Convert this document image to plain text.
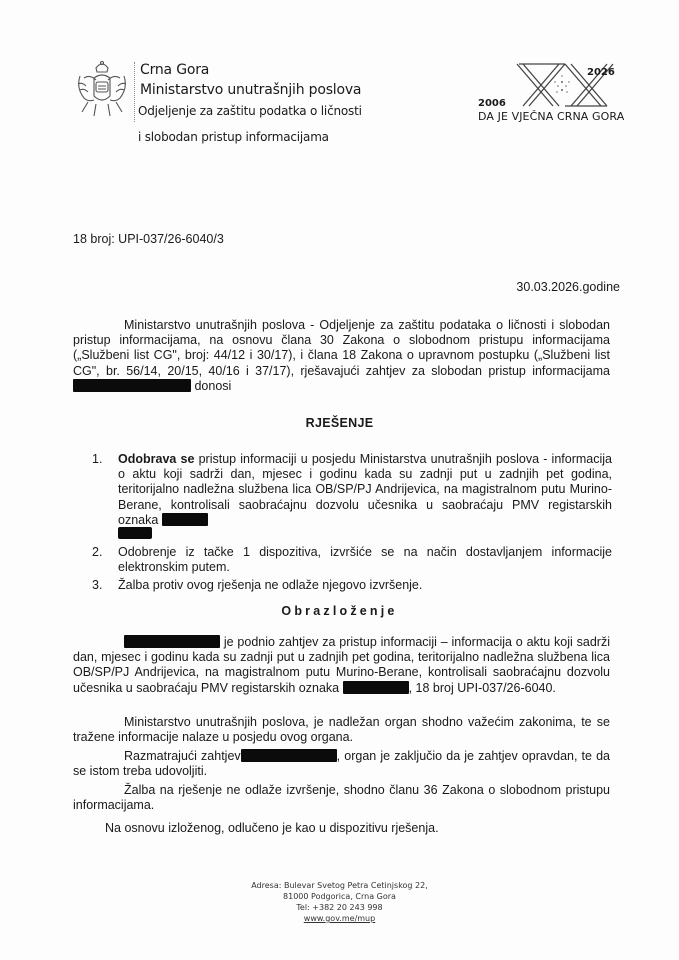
Crna Gora
Ministarstvo unutrašnjih poslova
Odjeljenje za zaštitu podatka o ličnosti
i slobodan pristup informacijama
2026
2006
DA JE VJEČNA CRNA GORA
18 broj: UPI-037/26-6040/3
30.03.2026.godine
Ministarstvo unutrašnjih poslova - Odjeljenje za zaštitu podataka o ličnosti i slobodan pristup informacijama, na osnovu člana 30 Zakona o slobodnom pristupu informacijama („Službeni list CG", broj: 44/12 i 30/17), i člana 18 Zakona o upravnom postupku („Službeni list CG", br. 56/14, 20/15, 40/16 i 37/17), rješavajući zahtjev za slobodan pristup informacijama  donosi
RJEŠENJE
1. Odobrava se pristup informaciji u posjedu Ministarstva unutrašnjih poslova - informacija o aktu koji sadrži dan, mjesec i godinu kada su zadnji put u zadnjih pet godina, teritorijalno nadležna službena lica OB/SP/PJ Andrijevica, na magistralnom putu Murino-Berane, kontrolisali saobraćajnu dozvolu učesnika u saobraćaju PMV registarskih oznaka
2. Odobrenje iz tačke 1 dispozitiva, izvršiće se na način dostavljanjem informacije elektronskim putem.
3. Žalba protiv ovog rješenja ne odlaže njegovo izvršenje.
Obrazloženje
je podnio zahtjev za pristup informaciji – informacija o aktu koji sadrži dan, mjesec i godinu kada su zadnji put u zadnjih pet godina, teritorijalno nadležna službena lica OB/SP/PJ Andrijevica, na magistralnom putu Murino-Berane, kontrolisali saobraćajnu dozvolu učesnika u saobraćaju PMV registarskih oznaka	, 18 broj UPI-037/26-6040.
Ministarstvo unutrašnjih poslova, je nadležan organ shodno važećim zakonima, te se tražene informacije nalaze u posjedu ovog organa.
Razmatrajući zahtjev	, organ je zaključio da je zahtjev opravdan, te da se istom treba udovoljiti.
Žalba na rješenje ne odlaže izvršenje, shodno članu 36 Zakona o slobodnom pristupu informacijama.
Na osnovu izloženog, odlučeno je kao u dispozitivu rješenja.
Adresa: Bulevar Svetog Petra Cetinjskog 22,
81000 Podgorica, Crna Gora
Tel: +382 20 243 998
www.gov.me/mup
